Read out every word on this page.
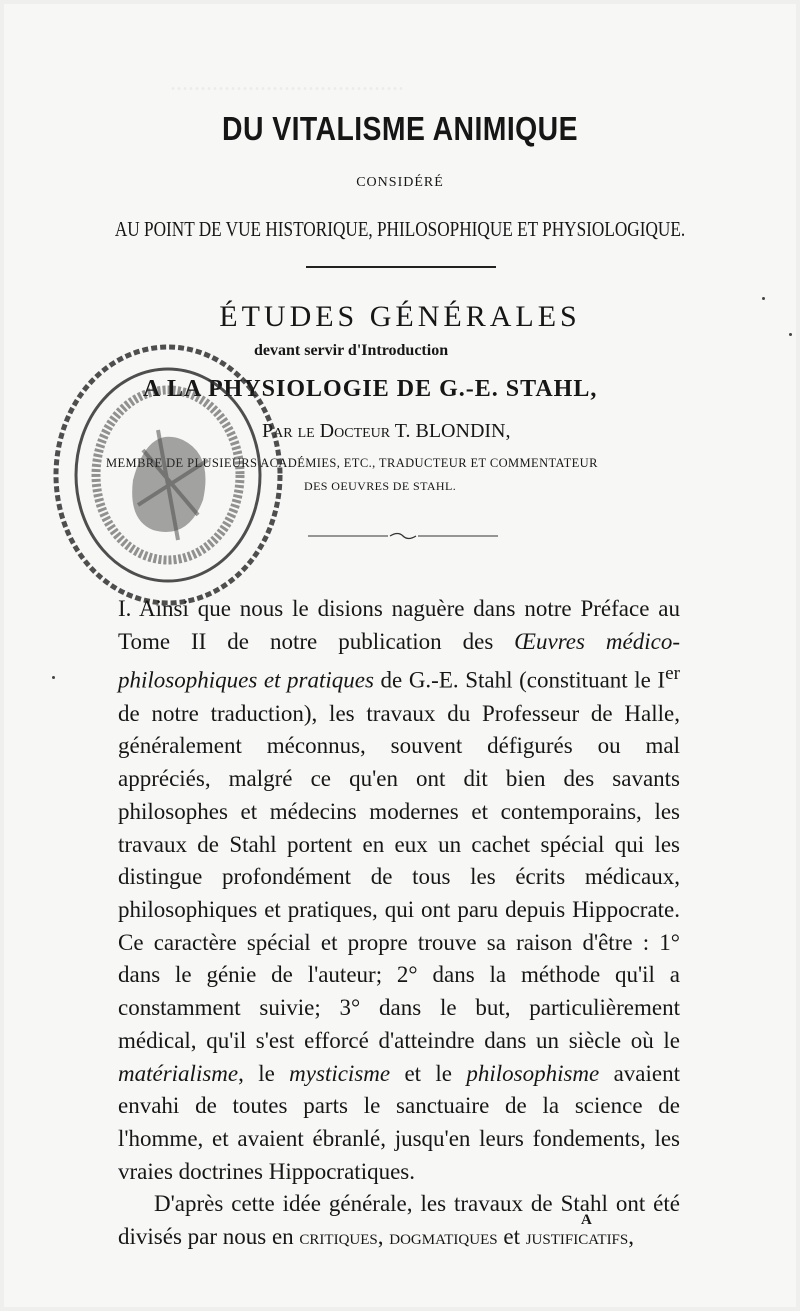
DU VITALISME ANIMIQUE
CONSIDÉRÉ
AU POINT DE VUE HISTORIQUE, PHILOSOPHIQUE ET PHYSIOLOGIQUE.
ÉTUDES GÉNÉRALES
devant servir d'Introduction
A LA PHYSIOLOGIE DE G.-E. STAHL,
Par le Docteur T. BLONDIN,
MEMBRE DE PLUSIEURS ACADÉMIES, ETC., TRADUCTEUR ET COMMENTATEUR
DES OEUVRES DE STAHL.

I. Ainsi que nous le disions naguère dans notre Préface au Tome II de notre publication des Œuvres médico-philosophiques et pratiques de G.-E. Stahl (constituant le Ier de notre traduction), les travaux du Professeur de Halle, généralement méconnus, souvent défigurés ou mal appréciés, malgré ce qu'en ont dit bien des savants philosophes et médecins modernes et contemporains, les travaux de Stahl portent en eux un cachet spécial qui les distingue profondément de tous les écrits médicaux, philosophiques et pratiques, qui ont paru depuis Hippocrate. Ce caractère spécial et propre trouve sa raison d'être : 1° dans le génie de l'auteur; 2° dans la méthode qu'il a constamment suivie; 3° dans le but, particulièrement médical, qu'il s'est efforcé d'atteindre dans un siècle où le matérialisme, le mysticisme et le philosophisme avaient envahi de toutes parts le sanctuaire de la science de l'homme, et avaient ébranlé, jusqu'en leurs fondements, les vraies doctrines Hippocratiques.

D'après cette idée générale, les travaux de Stahl ont été divisés par nous en critiques, dogmatiques et justificatifs,

A
